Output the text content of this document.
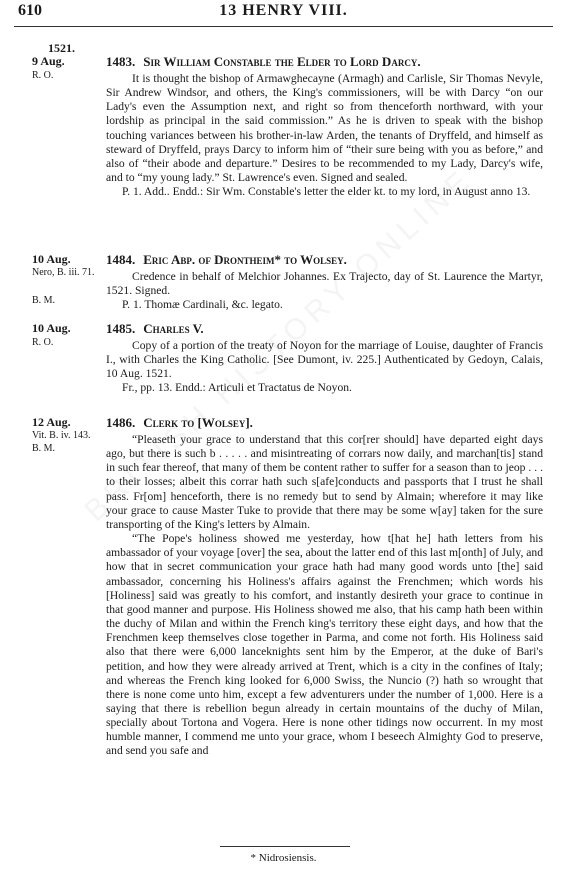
610	13 HENRY VIII.
1521.
9 Aug.
R. O.
1483. Sir William Constable the Elder to Lord Darcy.

It is thought the bishop of Armawghecayne (Armagh) and Carlisle, Sir Thomas Nevyle, Sir Andrew Windsor, and others, the King's commissioners, will be with Darcy “on our Lady's even the Assumption next, and right so from thenceforth northward, with your lordship as principal in the said commission.” As he is driven to speak with the bishop touching variances between his brother-in-law Arden, the tenants of Dryffeld, and himself as steward of Dryffeld, prays Darcy to inform him of “their sure being with you as before,” and also of “their abode and departure.” Desires to be recommended to my Lady, Darcy's wife, and to “my young lady.” St. Lawrence's even. Signed and sealed.

P. 1. Add.. Endd.: Sir Wm. Constable's letter the elder kt. to my lord, in August anno 13.

10 Aug.
Nero, B. iii. 71.
B. M.
1484. Eric Abp. of Drontheim* to Wolsey.

Credence in behalf of Melchior Johannes. Ex Trajecto, day of St. Laurence the Martyr, 1521. Signed.

P. 1. Thomæ Cardinali, &c. legato.

10 Aug.
R. O.
1485. Charles V.

Copy of a portion of the treaty of Noyon for the marriage of Louise, daughter of Francis I., with Charles the King Catholic. [See Dumont, iv. 225.] Authenticated by Gedoyn, Calais, 10 Aug. 1521.

Fr., pp. 13. Endd.: Articuli et Tractatus de Noyon.

12 Aug.
Vit. B. iv. 143.
B. M.
1486. Clerk to [Wolsey].

“Pleaseth your grace to understand that this cor[rer should] have departed eight days ago, but there is such b . . . . . and misintreating of corrars now daily, and marchan[tis] stand in such fear thereof, that many of them be content rather to suffer for a season than to jeop . . . to their losses; albeit this corrar hath such s[afe]conducts and passports that I trust he shall pass. Fr[om] henceforth, there is no remedy but to send by Almain; wherefore it may like your grace to cause Master Tuke to provide that there may be some w[ay] taken for the sure transporting of the King's letters by Almain.

“The Pope's holiness showed me yesterday, how t[hat he] hath letters from his ambassador of your voyage [over] the sea, about the latter end of this last m[onth] of July, and how that in secret communication your grace hath had many good words unto [the] said ambassador, concerning his Holiness's affairs against the Frenchmen; which words his [Holiness] said was greatly to his comfort, and instantly desireth your grace to continue in that good manner and purpose. His Holiness showed me also, that his camp hath been within the duchy of Milan and within the French king's territory these eight days, and how that the Frenchmen keep themselves close together in Parma, and come not forth. His Holiness said also that there were 6,000 lanceknights sent him by the Emperor, at the duke of Bari's petition, and how they were already arrived at Trent, which is a city in the confines of Italy; and whereas the French king looked for 6,000 Swiss, the Nuncio (?) hath so wrought that there is none come unto him, except a few adventurers under the number of 1,000. Here is a saying that there is rebellion begun already in certain mountains of the duchy of Milan, specially about Tortona and Vogera. Here is none other tidings now occurrent. In my most humble manner, I commend me unto your grace, whom I beseech Almighty God to preserve, and send you safe and

* Nidrosiensis.
